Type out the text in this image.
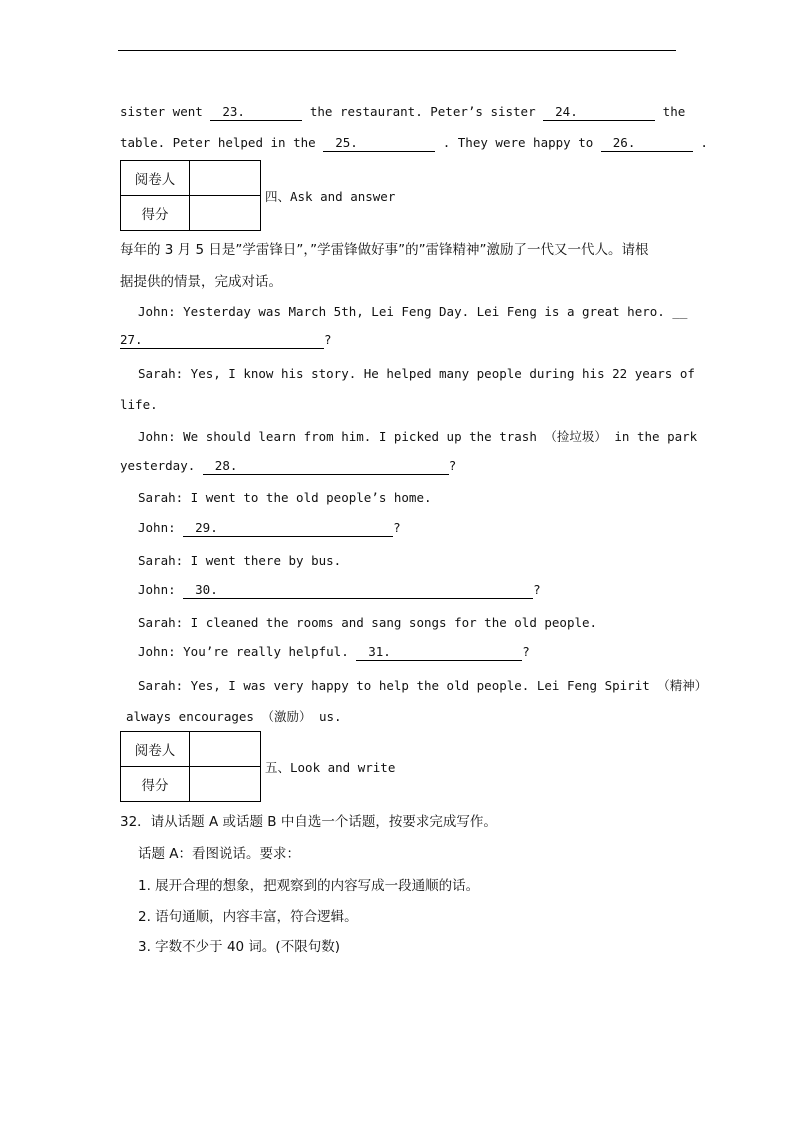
sister went 23.	the restaurant. Peter’s sister 24.	the
table. Peter helped in the 25.	. They were happy to 26.	.
阅卷人	
得分	
四、Ask and answer
每年的 3 月 5 日是”学雷锋日”，”学雷锋做好事”的”雷锋精神”激励了一代又一代人。请根
据提供的情景，完成对话。
John: Yesterday was March 5th, Lei Feng Day. Lei Feng is a great hero. __
27.	?
Sarah: Yes, I know his story. He helped many people during his 22 years of
life.
John: We should learn from him. I picked up the trash （捡垃圾） in the park
yesterday. 28.	?
Sarah: I went to the old people’s home.
John: 29.	?
Sarah: I went there by bus.
John: 30.	?
Sarah: I cleaned the rooms and sang songs for the old people.
John: You’re really helpful. 31.	?
Sarah: Yes, I was very happy to help the old people. Lei Feng Spirit （精神）
always encourages （激励） us.
阅卷人	
得分	
五、Look and write
32．请从话题 A 或话题 B 中自选一个话题，按要求完成写作。
话题 A：看图说话。要求：
1. 展开合理的想象，把观察到的内容写成一段通顺的话。
2. 语句通顺，内容丰富，符合逻辑。
3. 字数不少于 40 词。(不限句数)
